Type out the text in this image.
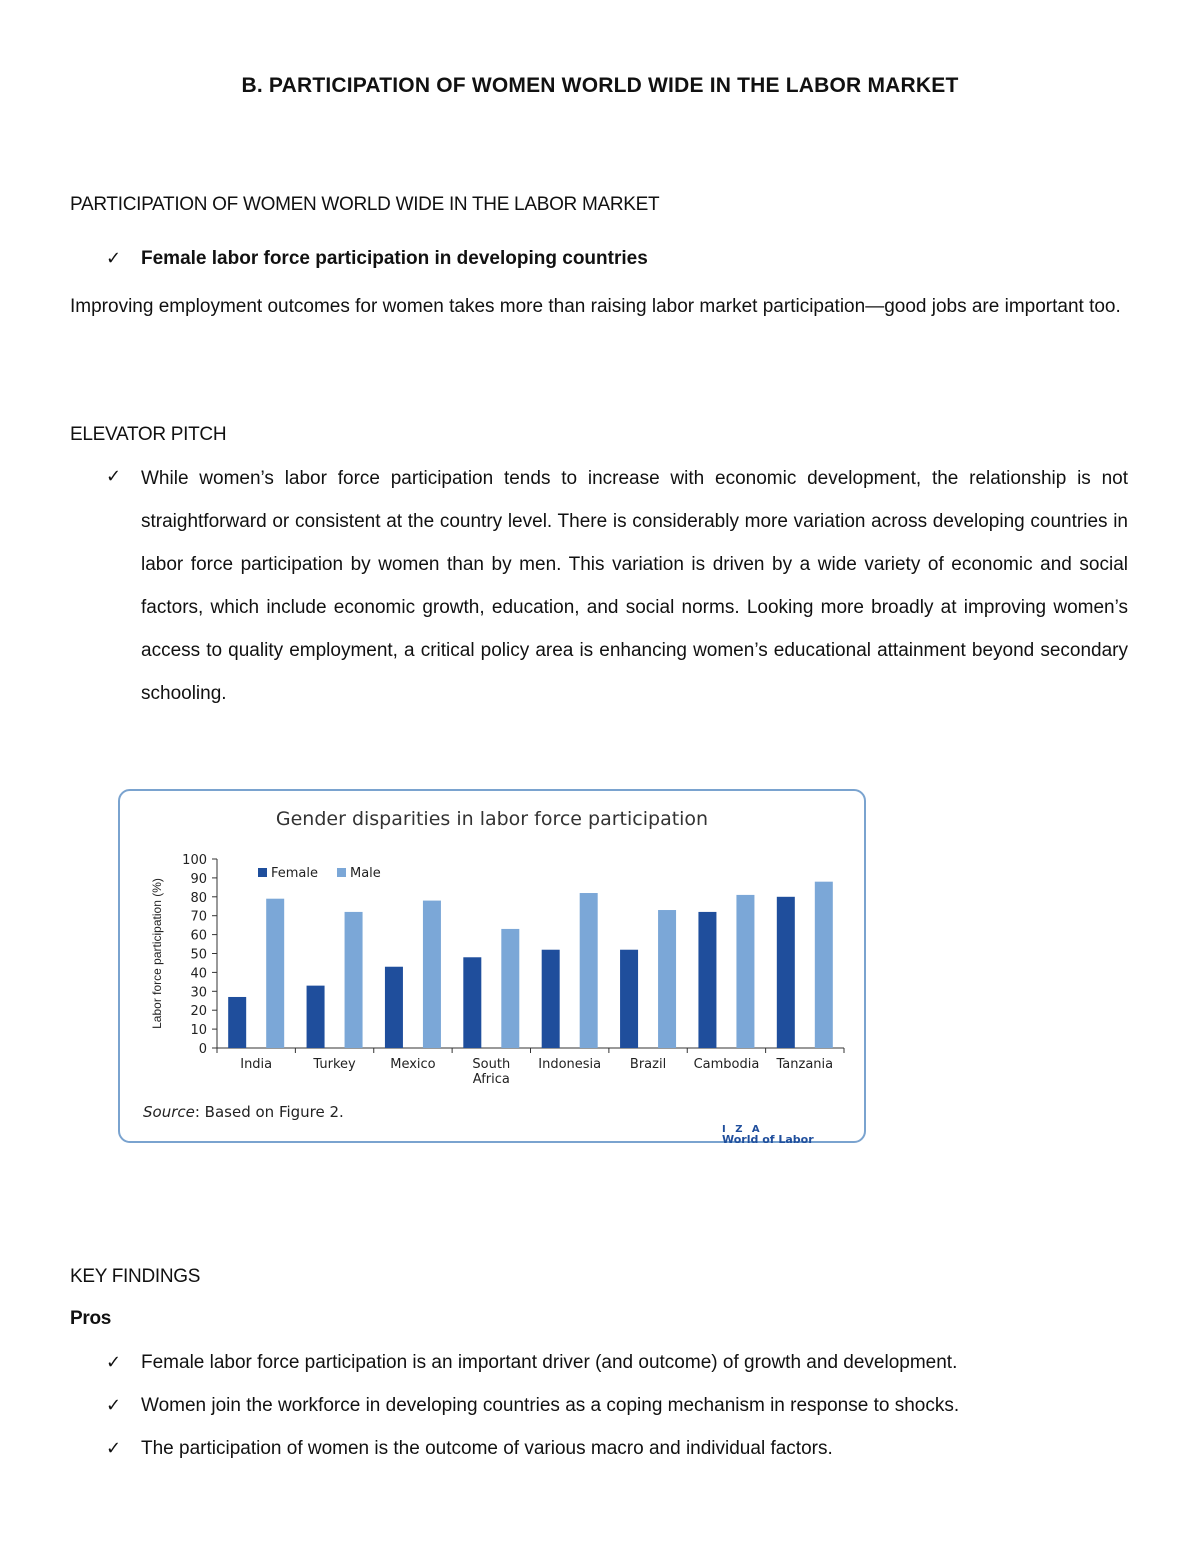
B. PARTICIPATION OF WOMEN WORLD WIDE IN THE LABOR MARKET
PARTICIPATION OF WOMEN WORLD WIDE IN THE LABOR MARKET
✓ Female labor force participation in developing countries

Improving employment outcomes for women takes more than raising labor market participation—good jobs are important too.

ELEVATOR PITCH
✓ While women’s labor force participation tends to increase with economic development, the relationship is not straightforward or consistent at the country level. There is considerably more variation across developing countries in labor force participation by women than by men. This variation is driven by a wide variety of economic and social factors, which include economic growth, education, and social norms. Looking more broadly at improving women’s access to quality employment, a critical policy area is enhancing women’s educational attainment beyond secondary schooling.

Gender disparities in labor force participation
0
10
20
30
40
50
60
70
80
90
100
Labor force participation (%)
India	Turkey	Mexico	South
Africa
Indonesia Brazil Cambodia Tanzania
Female Male
Source: Based on Figure 2.
I Z A
World of Labor
KEY FINDINGS
Pros
✓ Female labor force participation is an important driver (and outcome) of growth and development.
✓ Women join the workforce in developing countries as a coping mechanism in response to shocks.
✓ The participation of women is the outcome of various macro and individual factors.
